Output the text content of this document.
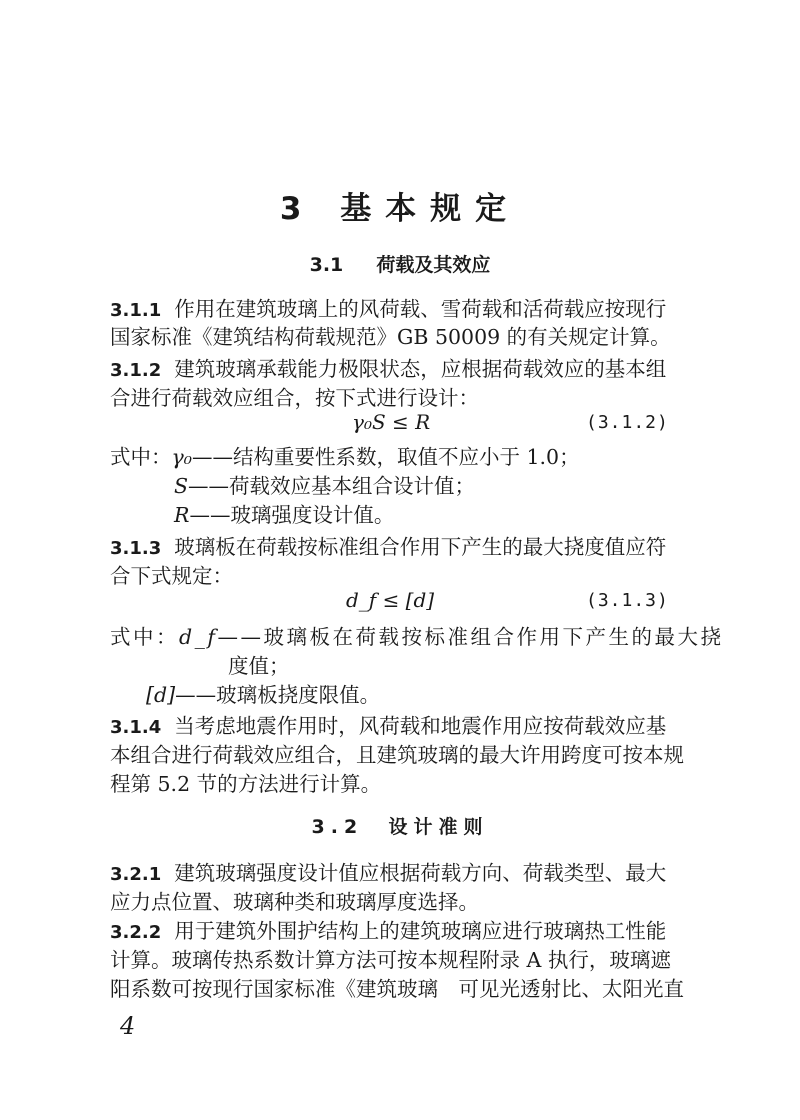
3 基本规定
3.1 荷载及其效应
3.1.1 作用在建筑玻璃上的风荷载、雪荷载和活荷载应按现行
国家标准《建筑结构荷载规范》GB 50009 的有关规定计算。
3.1.2 建筑玻璃承载能力极限状态，应根据荷载效应的基本组
合进行荷载效应组合，按下式进行设计：
γ₀S ≤ R	(3.1.2)
式中：γ₀——结构重要性系数，取值不应小于 1.0；
S——荷载效应基本组合设计值；
R——玻璃强度设计值。
3.1.3 玻璃板在荷载按标准组合作用下产生的最大挠度值应符
合下式规定：
d_f ≤ [d]	(3.1.3)
式中：d_f——玻璃板在荷载按标准组合作用下产生的最大挠
度值；
[d]——玻璃板挠度限值。
3.1.4 当考虑地震作用时，风荷载和地震作用应按荷载效应基
本组合进行荷载效应组合，且建筑玻璃的最大许用跨度可按本规
程第 5.2 节的方法进行计算。
3.2 设计准则
3.2.1 建筑玻璃强度设计值应根据荷载方向、荷载类型、最大
应力点位置、玻璃种类和玻璃厚度选择。
3.2.2 用于建筑外围护结构上的建筑玻璃应进行玻璃热工性能
计算。玻璃传热系数计算方法可按本规程附录 A 执行，玻璃遮
阳系数可按现行国家标准《建筑玻璃　可见光透射比、太阳光直
4
